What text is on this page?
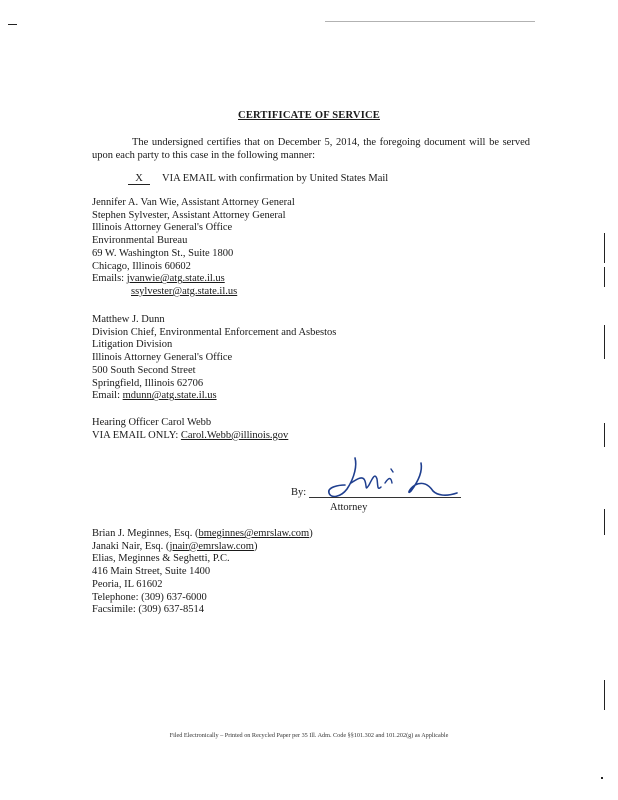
CERTIFICATE OF SERVICE
The undersigned certifies that on December 5, 2014, the foregoing document will be served upon each party to this case in the following manner:
X VIA EMAIL with confirmation by United States Mail
Jennifer A. Van Wie, Assistant Attorney General
Stephen Sylvester, Assistant Attorney General
Illinois Attorney General's Office
Environmental Bureau
69 W. Washington St., Suite 1800
Chicago, Illinois 60602
Emails: jvanwie@atg.state.il.us
ssylvester@atg.state.il.us
Matthew J. Dunn
Division Chief, Environmental Enforcement and Asbestos
Litigation Division
Illinois Attorney General's Office
500 South Second Street
Springfield, Illinois 62706
Email: mdunn@atg.state.il.us
Hearing Officer Carol Webb
VIA EMAIL ONLY: Carol.Webb@illinois.gov
By:
Attorney
Brian J. Meginnes, Esq. (bmeginnes@emrslaw.com)
Janaki Nair, Esq. (jnair@emrslaw.com)
Elias, Meginnes & Seghetti, P.C.
416 Main Street, Suite 1400
Peoria, IL 61602
Telephone: (309) 637-6000
Facsimile: (309) 637-8514
Filed Electronically – Printed on Recycled Paper per 35 Ill. Adm. Code §§101.302 and 101.202(g) as Applicable
